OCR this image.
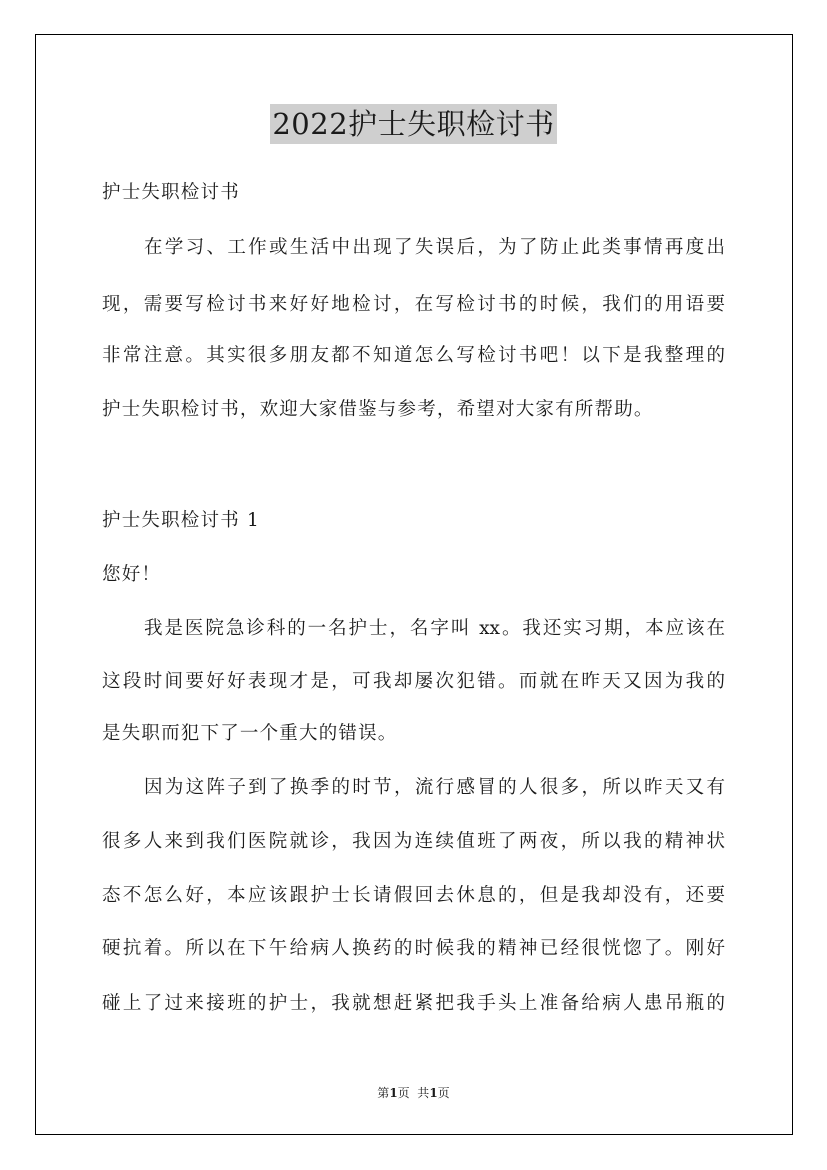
2022护士失职检讨书
护士失职检讨书
在学习、工作或生活中出现了失误后，为了防止此类事情再度出
现，需要写检讨书来好好地检讨，在写检讨书的时候，我们的用语要
非常注意。其实很多朋友都不知道怎么写检讨书吧！以下是我整理的
护士失职检讨书，欢迎大家借鉴与参考，希望对大家有所帮助。
护士失职检讨书 1
您好！
我是医院急诊科的一名护士，名字叫 xx。我还实习期，本应该在
这段时间要好好表现才是，可我却屡次犯错。而就在昨天又因为我的
是失职而犯下了一个重大的错误。
因为这阵子到了换季的时节，流行感冒的人很多，所以昨天又有
很多人来到我们医院就诊，我因为连续值班了两夜，所以我的精神状
态不怎么好，本应该跟护士长请假回去休息的，但是我却没有，还要
硬抗着。所以在下午给病人换药的时候我的精神已经很恍惚了。刚好
碰上了过来接班的护士，我就想赶紧把我手头上准备给病人患吊瓶的
第1页  共1页
